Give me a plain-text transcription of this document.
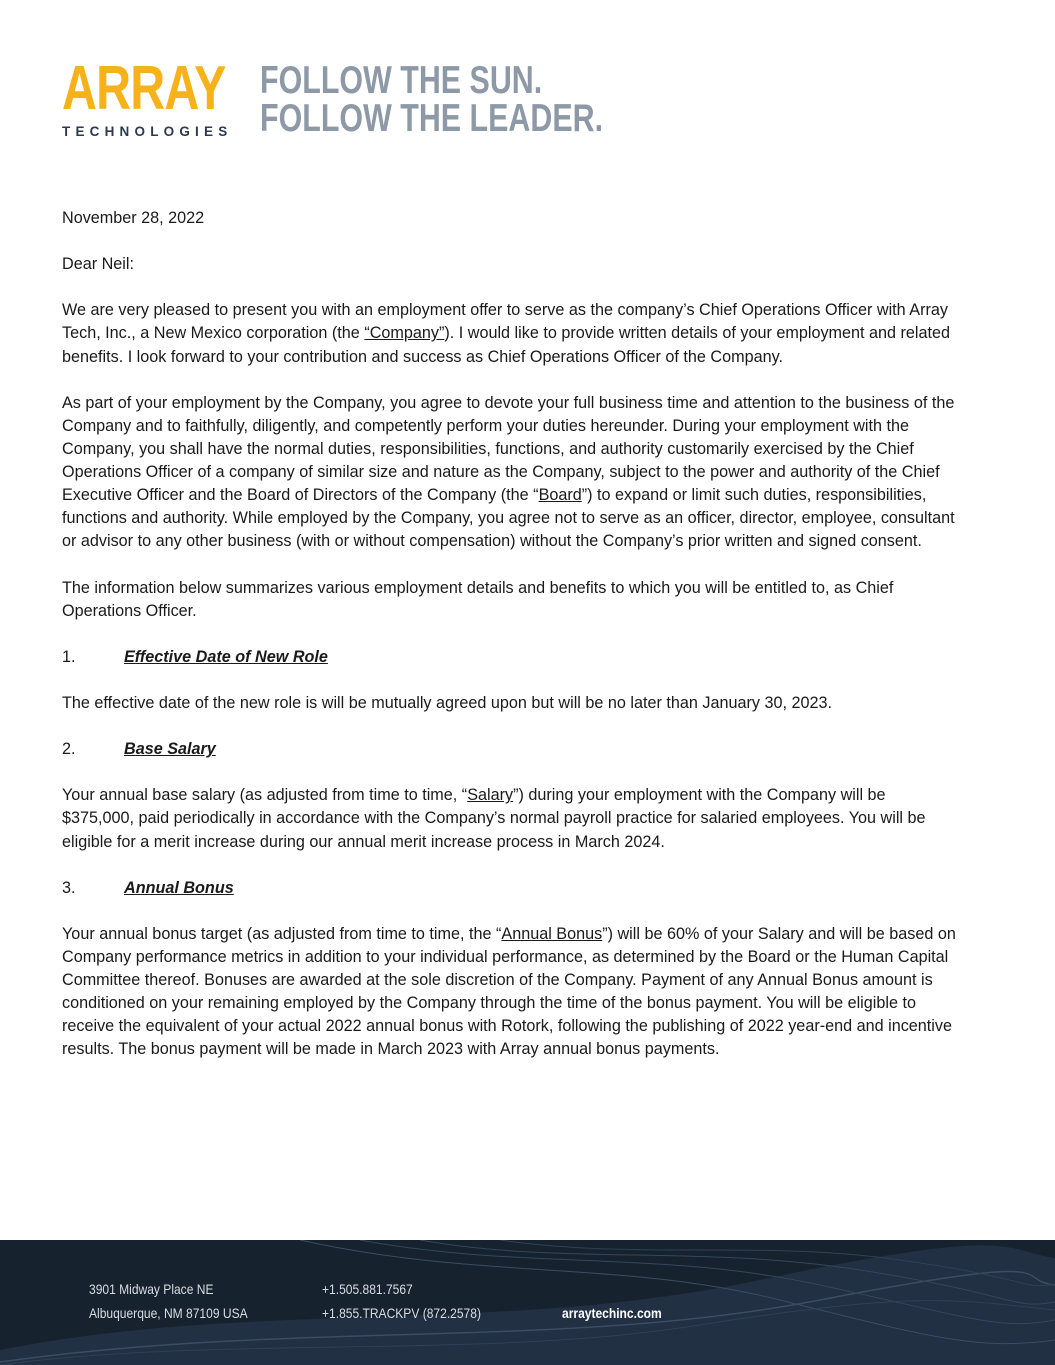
ARRAY
TECHNOLOGIES
FOLLOW THE SUN.
FOLLOW THE LEADER.

November 28, 2022

Dear Neil:

We are very pleased to present you with an employment offer to serve as the company’s Chief Operations Officer with Array Tech, Inc., a New Mexico corporation (the “Company”). I would like to provide written details of your employment and related benefits. I look forward to your contribution and success as Chief Operations Officer of the Company.

As part of your employment by the Company, you agree to devote your full business time and attention to the business of the Company and to faithfully, diligently, and competently perform your duties hereunder. During your employment with the Company, you shall have the normal duties, responsibilities, functions, and authority customarily exercised by the Chief Operations Officer of a company of similar size and nature as the Company, subject to the power and authority of the Chief Executive Officer and the Board of Directors of the Company (the “Board”) to expand or limit such duties, responsibilities, functions and authority. While employed by the Company, you agree not to serve as an officer, director, employee, consultant or advisor to any other business (with or without compensation) without the Company’s prior written and signed consent.

The information below summarizes various employment details and benefits to which you will be entitled to, as Chief Operations Officer.

1.	Effective Date of New Role

The effective date of the new role is will be mutually agreed upon but will be no later than January 30, 2023.

2.	Base Salary

Your annual base salary (as adjusted from time to time, “Salary”) during your employment with the Company will be $375,000, paid periodically in accordance with the Company’s normal payroll practice for salaried employees. You will be eligible for a merit increase during our annual merit increase process in March 2024.

3.	Annual Bonus

Your annual bonus target (as adjusted from time to time, the “Annual Bonus”) will be 60% of your Salary and will be based on Company performance metrics in addition to your individual performance, as determined by the Board or the Human Capital Committee thereof. Bonuses are awarded at the sole discretion of the Company. Payment of any Annual Bonus amount is conditioned on your remaining employed by the Company through the time of the bonus payment. You will be eligible to receive the equivalent of your actual 2022 annual bonus with Rotork, following the publishing of 2022 year-end and incentive results. The bonus payment will be made in March 2023 with Array annual bonus payments.

3901 Midway Place NE
Albuquerque, NM 87109 USA
+1.505.881.7567
+1.855.TRACKPV (872.2578)	arraytechinc.com
